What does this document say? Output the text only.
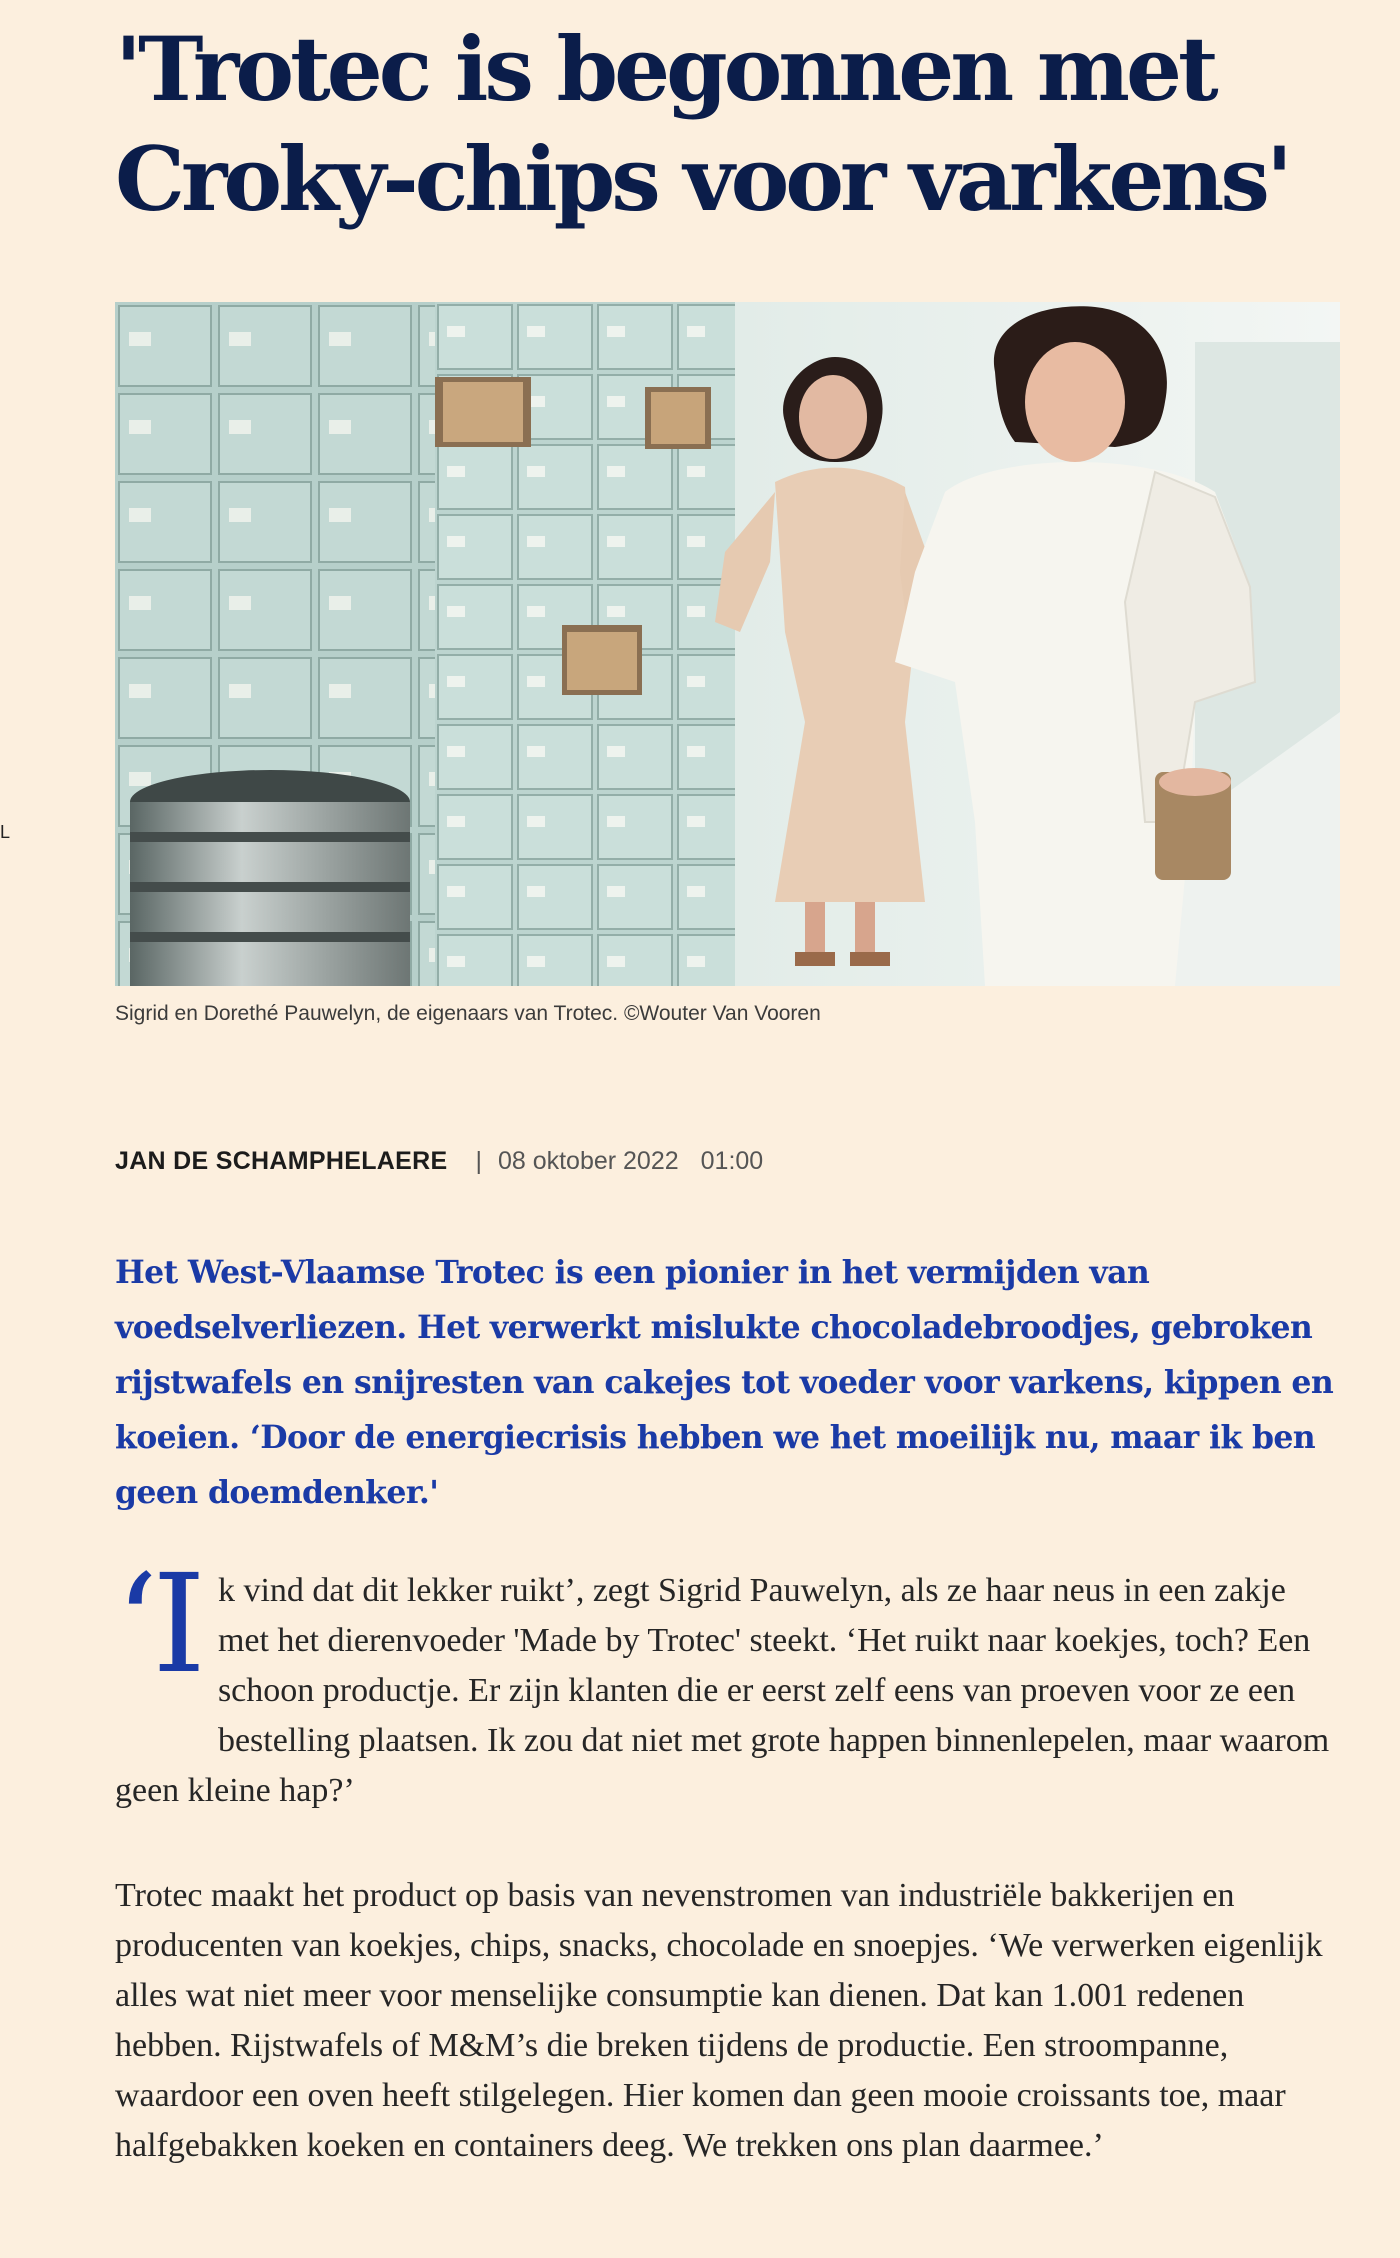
L
'Trotec is begonnen met
Croky-chips voor varkens'
Sigrid en Dorethé Pauwelyn, de eigenaars van Trotec. ©Wouter Van Vooren
JAN DE SCHAMPHELAERE | 08 oktober 2022 01:00

Het West-Vlaamse Trotec is een pionier in het vermijden van voedselverliezen. Het verwerkt mislukte chocoladebroodjes, gebroken rijstwafels en snijresten van cakejes tot voeder voor varkens, kippen en koeien. ‘Door de energiecrisis hebben we het moeilijk nu, maar ik ben geen doemdenker.'

‘Ik vind dat dit lekker ruikt’, zegt Sigrid Pauwelyn, als ze haar neus in een zakje met het dierenvoeder 'Made by Trotec' steekt. ‘Het ruikt naar koekjes, toch? Een schoon productje. Er zijn klanten die er eerst zelf eens van proeven voor ze een bestelling plaatsen. Ik zou dat niet met grote happen binnenlepelen, maar waarom geen kleine hap?’

Trotec maakt het product op basis van nevenstromen van industriële bakkerijen en producenten van koekjes, chips, snacks, chocolade en snoepjes. ‘We verwerken eigenlijk alles wat niet meer voor menselijke consumptie kan dienen. Dat kan 1.001 redenen hebben. Rijstwafels of M&M’s die breken tijdens de productie. Een stroompanne, waardoor een oven heeft stilgelegen. Hier komen dan geen mooie croissants toe, maar halfgebakken koeken en containers deeg. We trekken ons plan daarmee.’
